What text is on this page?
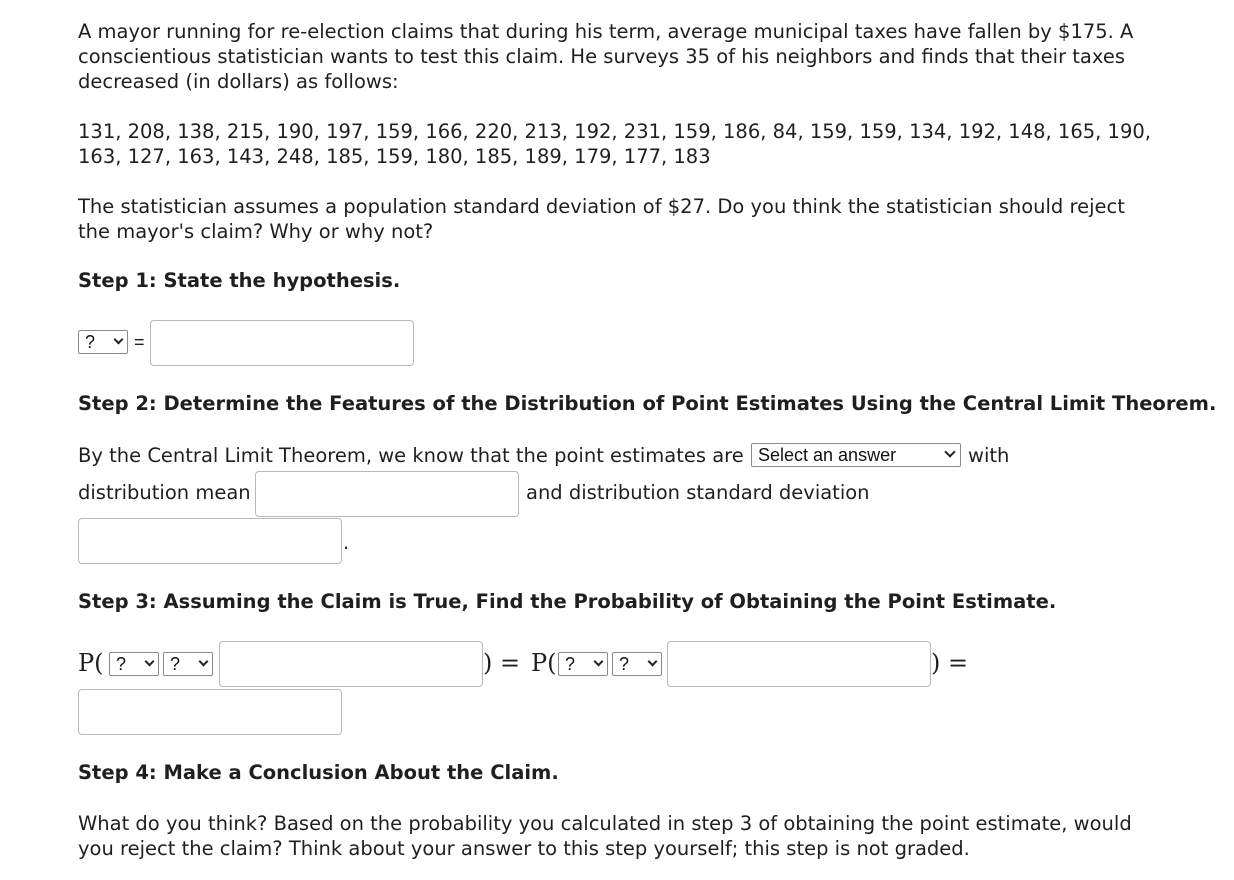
A mayor running for re-election claims that during his term, average municipal taxes have fallen by $175. A
conscientious statistician wants to test this claim. He surveys 35 of his neighbors and finds that their taxes
decreased (in dollars) as follows:
131, 208, 138, 215, 190, 197, 159, 166, 220, 213, 192, 231, 159, 186, 84, 159, 159, 134, 192, 148, 165, 190,
163, 127, 163, 143, 248, 185, 159, 180, 185, 189, 179, 177, 183
The statistician assumes a population standard deviation of $27. Do you think the statistician should reject
the mayor's claim? Why or why not?
Step 1: State the hypothesis.
?	=
Step 2: Determine the Features of the Distribution of Point Estimates Using the Central Limit Theorem.
By the Central Limit Theorem, we know that the point estimates are Select an answer	with
distribution mean	and distribution standard deviation
.
Step 3: Assuming the Claim is True, Find the Probability of Obtaining the Point Estimate.
P( ?	?	) = P( ?	?	) =
Step 4: Make a Conclusion About the Claim.
What do you think? Based on the probability you calculated in step 3 of obtaining the point estimate, would
you reject the claim? Think about your answer to this step yourself; this step is not graded.
